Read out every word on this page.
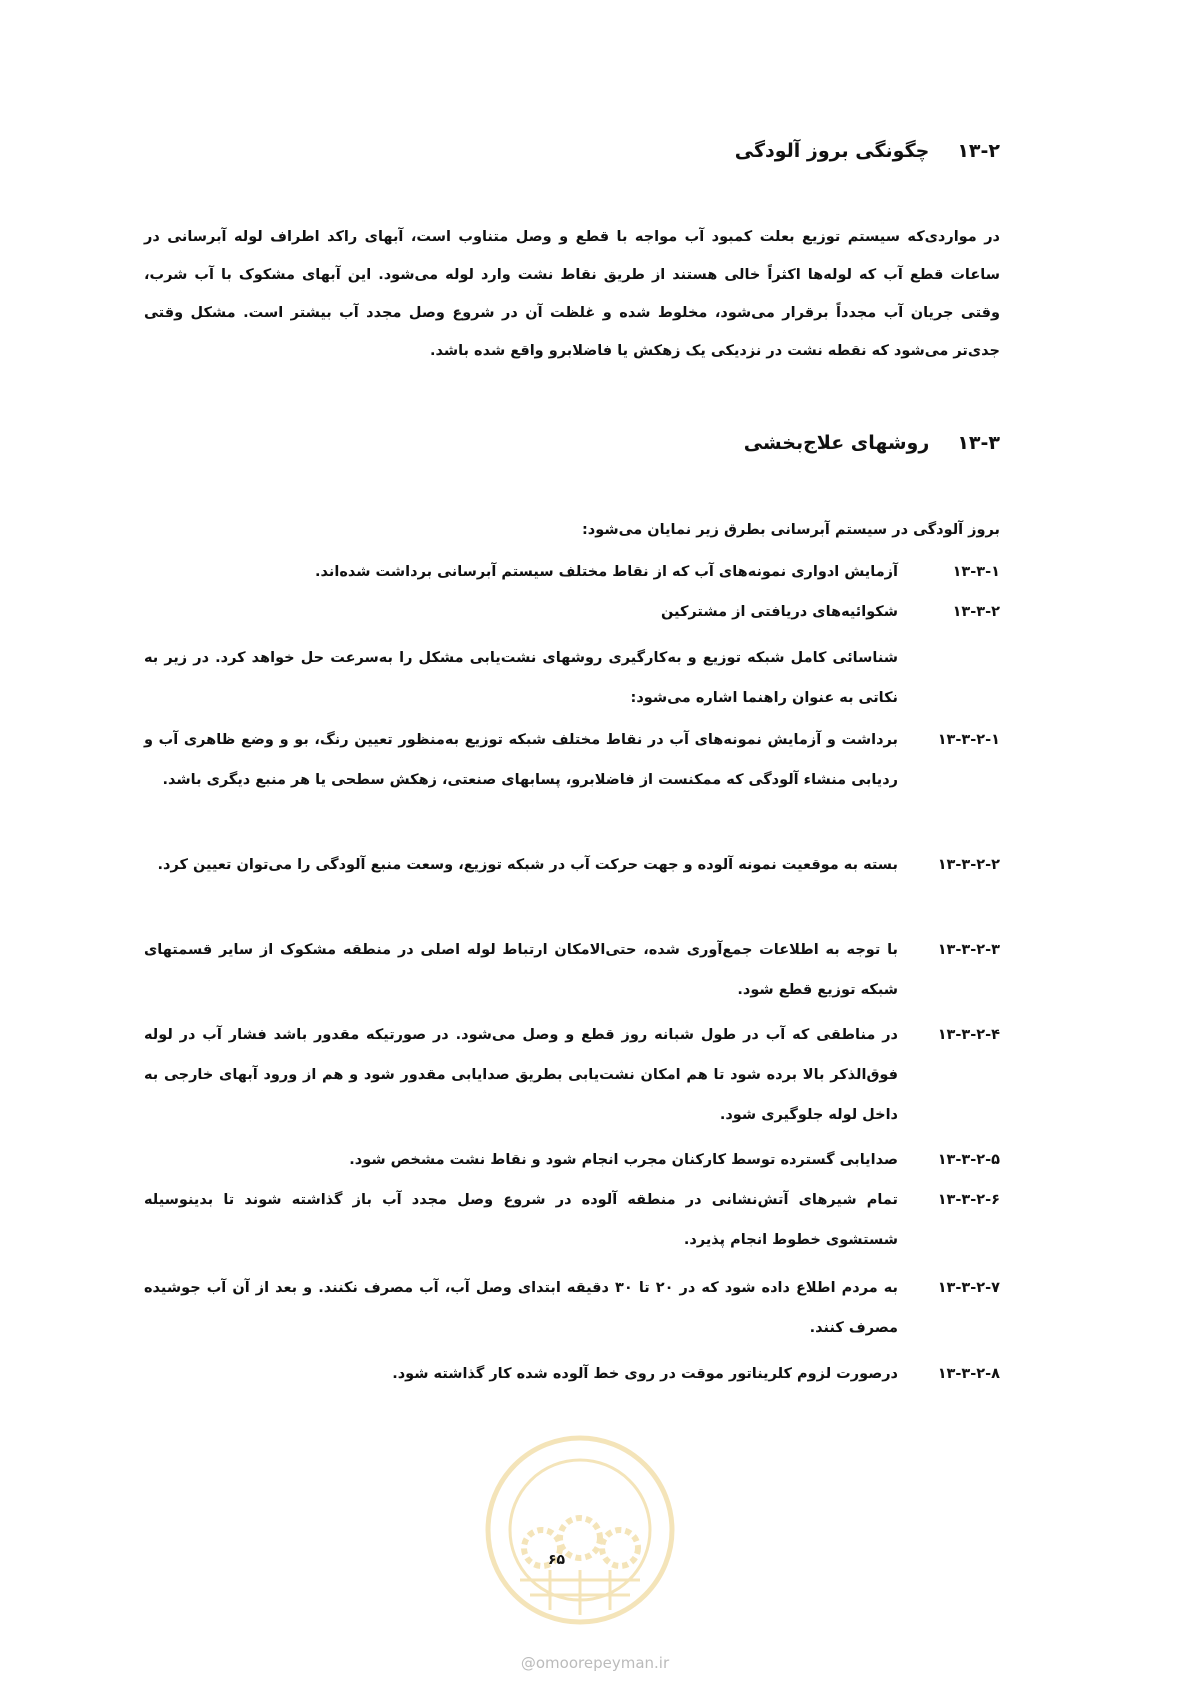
۱۳-۲چگونگی بروز آلودگی
در مواردی‌که سیستم توزیع بعلت کمبود آب مواجه با قطع و وصل متناوب است، آبهای راکد اطراف لوله آبرسانی در ساعات قطع آب که لوله‌ها اکثراً خالی هستند از طریق نقاط نشت وارد لوله می‌شود. این آبهای مشکوک با آب شرب، وقتی جریان آب مجدداً برقرار می‌شود، مخلوط شده و غلظت آن در شروع وصل مجدد آب بیشتر است. مشکل وقتی جدی‌تر می‌شود که نقطه نشت در نزدیکی یک زهکش یا فاضلابرو واقع شده باشد.
۱۳-۳روشهای علاج‌بخشی
بروز آلودگی در سیستم آبرسانی بطرق زیر نمایان می‌شود:
۱۳-۳-۱
آزمایش ادواری نمونه‌های آب که از نقاط مختلف سیستم آبرسانی برداشت شده‌اند.
۱۳-۳-۲
شکوائیه‌های دریافتی از مشترکین
شناسائی کامل شبکه توزیع و به‌کارگیری روشهای نشت‌یابی مشکل را به‌سرعت حل خواهد کرد. در زیر به نکاتی به عنوان راهنما اشاره می‌شود:
۱۳-۳-۲-۱
برداشت و آزمایش نمونه‌های آب در نقاط مختلف شبکه توزیع به‌منظور تعیین رنگ، بو و وضع ظاهری آب و ردیابی منشاء آلودگی که ممکنست از فاضلابرو، پسابهای صنعتی، زهکش سطحی یا هر منبع دیگری باشد.
۱۳-۳-۲-۲
بسته به موقعیت نمونه آلوده و جهت حرکت آب در شبکه توزیع، وسعت منبع آلودگی را می‌توان تعیین کرد.
۱۳-۳-۲-۳
با توجه به اطلاعات جمع‌آوری شده، حتی‌الامکان ارتباط لوله اصلی در منطقه مشکوک از سایر قسمتهای شبکه توزیع قطع شود.
۱۳-۳-۲-۴
در مناطقی که آب در طول شبانه روز قطع و وصل می‌شود. در صورتیکه مقدور باشد فشار آب در لوله فوق‌الذکر بالا برده شود تا هم امکان نشت‌یابی بطریق صدایابی مقدور شود و هم از ورود آبهای خارجی به داخل لوله جلوگیری شود.
۱۳-۳-۲-۵
صدایابی گسترده توسط کارکنان مجرب انجام شود و نقاط نشت مشخص شود.
۱۳-۳-۲-۶
تمام شیرهای آتش‌نشانی در منطقه آلوده در شروع وصل مجدد آب باز گذاشته شوند تا بدینوسیله شستشوی خطوط انجام پذیرد.
۱۳-۳-۲-۷
به مردم اطلاع داده شود که در ۲۰ تا ۳۰ دقیقه ابتدای وصل آب، آب مصرف نکنند. و بعد از آن آب جوشیده مصرف کنند.
۱۳-۳-۲-۸
درصورت لزوم کلریناتور موقت در روی خط آلوده شده کار گذاشته شود.
۶۵
@omoorepeyman.ir
